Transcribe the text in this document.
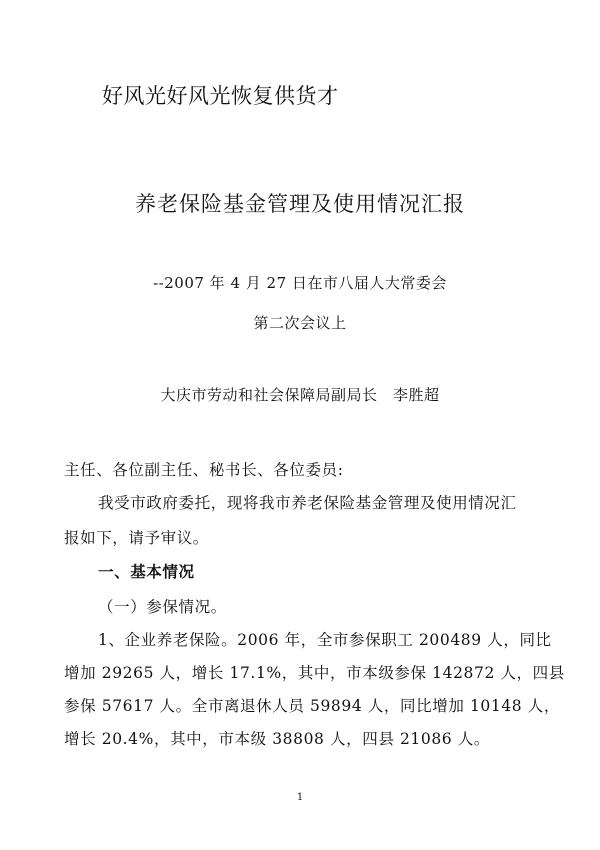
好风光好风光恢复供货才
养老保险基金管理及使用情况汇报
--2007 年 4 月 27 日在市八届人大常委会
第二次会议上
大庆市劳动和社会保障局副局长　李胜超
主任、各位副主任、秘书长、各位委员:
我受市政府委托，现将我市养老保险基金管理及使用情况汇
报如下，请予审议。
一、基本情况
（一）参保情况。
1、企业养老保险。2006 年，全市参保职工 200489 人，同比
增加 29265 人，增长 17.1%，其中，市本级参保 142872 人，四县
参保 57617 人。全市离退休人员 59894 人，同比增加 10148 人，
增长 20.4%，其中，市本级 38808 人，四县 21086 人。
1
